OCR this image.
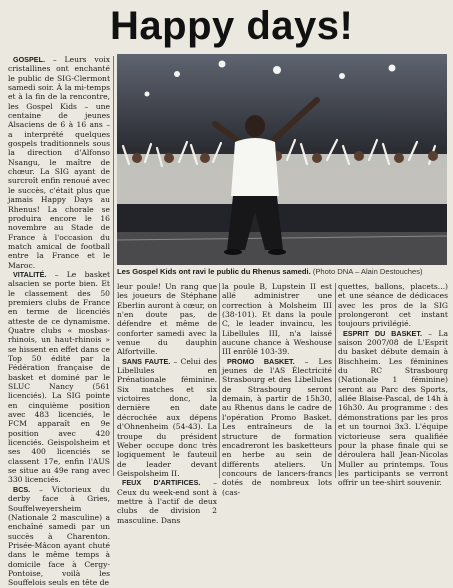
Happy days!

GOSPEL. – Leurs voix cristallines ont enchanté le public de SIG-Clermont samedi soir. À la mi-temps et à la fin de la rencontre, les Gospel Kids – une centaine de jeunes Alsaciens de 6 à 16 ans – a interprété quelques gospels traditionnels sous la direction d'Alfonso Nsangu, le maître de chœur. La SIG ayant de surcroît enfin renoué avec le succès, c'était plus que jamais Happy Days au Rhenus! La chorale se produira encore le 16 novembre au Stade de France à l'occasion du match amical de football entre la France et le Maroc.

VITALITÉ. – Le basket alsacien se porte bien. Et le classement des 50 premiers clubs de France en terme de licenciés atteste de ce dynamisme. Quatre clubs « mosbas-rhinois, un haut-rhinois » se hissent en effet dans ce Top 50 édité par la Fédération française de basket et dominé par le SLUC Nancy (561 licenciés). La SIG pointe en cinquième position avec 483 licenciés, le FCM apparaît en 9e position avec 420 licenciés. Geispolsheim et ses 400 licenciés se classent 17e, enfin l'AUS se situe au 49e rang avec 330 licenciés.

BCS. – Victorieux du derby face à Gries, Souffelweyersheim (Nationale 2 masculine) a enchaîné samedi par un succès à Charenton. Prisée-Mâcon ayant chuté dans le même temps à domicile face à Cergy-Pontoise, voilà les Souffelois seuls en tête de

Les Gospel Kids ont ravi le public du Rhenus samedi. (Photo DNA – Alain Destouches)

leur poule! Un rang que les joueurs de Stéphane Eberlin auront à cœur, on n'en doute pas, de défendre et même de conforter samedi avec la venue du dauphin Alfortville.

SANS FAUTE. – Celui des Libellules en Prénationale féminine. Six matches et six victoires donc, la dernière en date décrochée aux dépens d'Ohnenheim (54-43). La troupe du président Weber occupe donc très logiquement le fauteuil de leader devant Geispolsheim II.

FEUX D'ARTIFICES. – Ceux du week-end sont à mettre à l'actif de deux clubs de division 2 masculine. Dans

la poule B, Lupstein II est allé administrer une correction à Molsheim III (38-101). Et dans la poule C, le leader invaincu, les Libellules III, n'a laissé aucune chance à Weshouse III enrôlé 103-39.

PROMO BASKET. – Les jeunes de l'AS Électricité Strasbourg et des Libellules de Strasbourg seront demain, à partir de 15h30, au Rhenus dans le cadre de l'opération Promo Basket. Les entraîneurs de la structure de formation encadreront les basketteurs en herbe au sein de différents ateliers. Un concours de lancers-francs dotés de nombreux lots (cas-

quettes, ballons, placets...) et une séance de dédicaces avec les pros de la SIG prolongeront cet instant toujours privilégié.

ESPRIT DU BASKET. – La saison 2007/08 de L'Esprit du basket débute demain à Bischheim. Les féminines du RC Strasbourg (Nationale 1 féminine) seront au Parc des Sports, allée Blaise-Pascal, de 14h à 16h30. Au programme : des démonstrations par les pros et un tournoi 3x3. L'équipe victorieuse sera qualifiée pour la phase finale qui se déroulera hall Jean-Nicolas Muller au printemps. Tous les participants se verront offrir un tee-shirt souvenir.
